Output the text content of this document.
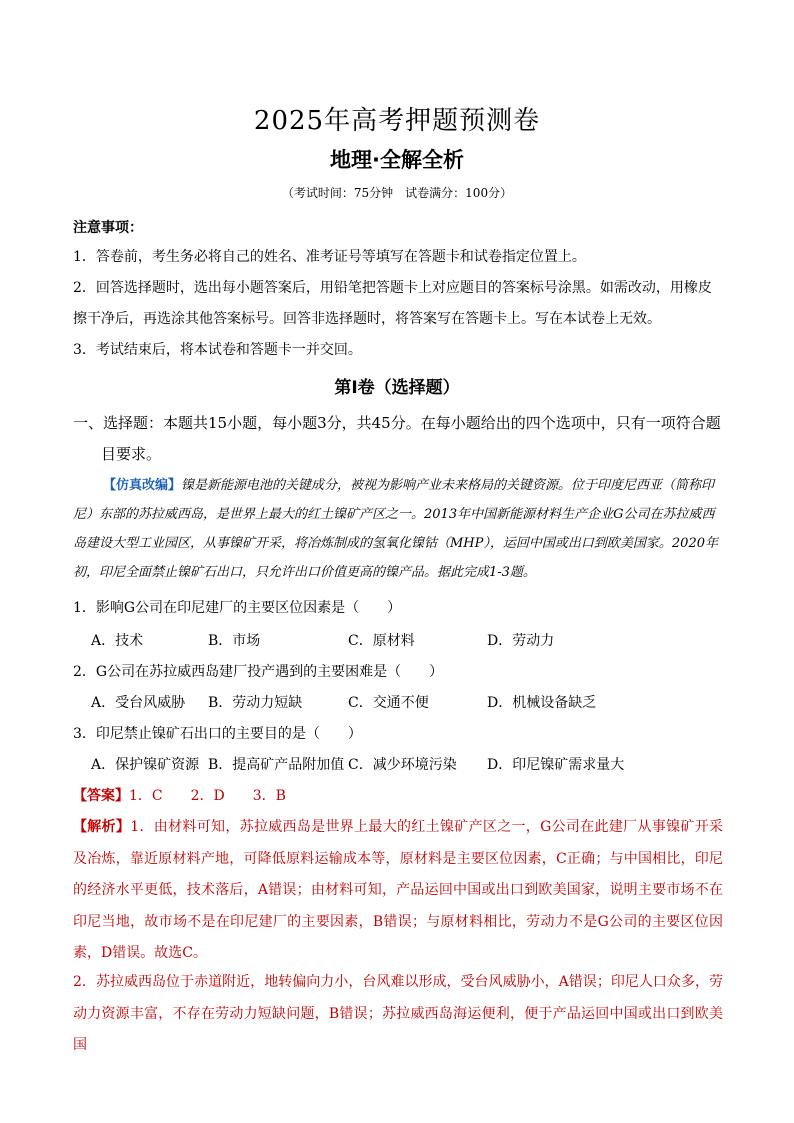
2025年高考押题预测卷
地理·全解全析
（考试时间：75分钟　试卷满分：100分）
注意事项：
1．答卷前，考生务必将自己的姓名、准考证号等填写在答题卡和试卷指定位置上。
2．回答选择题时，选出每小题答案后，用铅笔把答题卡上对应题目的答案标号涂黑。如需改动，用橡皮
擦干净后，再选涂其他答案标号。回答非选择题时，将答案写在答题卡上。写在本试卷上无效。
3．考试结束后，将本试卷和答题卡一并交回。
第Ⅰ卷（选择题）
一、选择题：本题共15小题，每小题3分，共45分。在每小题给出的四个选项中，只有一项符合题
目要求。
【仿真改编】镍是新能源电池的关键成分，被视为影响产业未来格局的关键资源。位于印度尼西亚（简称印尼）东部的苏拉威西岛，是世界上最大的红土镍矿产区之一。2013年中国新能源材料生产企业G公司在苏拉威西岛建设大型工业园区，从事镍矿开采，将冶炼制成的氢氧化镍钴（MHP），运回中国或出口到欧美国家。2020年初，印尼全面禁止镍矿石出口，只允许出口价值更高的镍产品。据此完成1-3题。
1．影响G公司在印尼建厂的主要区位因素是（　　）
A．技术	B．市场	C．原材料	D．劳动力
2．G公司在苏拉威西岛建厂投产遇到的主要困难是（　　）
A．受台风威胁 B．劳动力短缺	C．交通不便	D．机械设备缺乏
3．印尼禁止镍矿石出口的主要目的是（　　）
A．保护镍矿资源 B．提高矿产品附加值 C．减少环境污染 D．印尼镍矿需求量大
【答案】1．C　　2．D　　3．B
【解析】1．由材料可知，苏拉威西岛是世界上最大的红土镍矿产区之一，G公司在此建厂从事镍矿开采及冶炼，靠近原材料产地，可降低原料运输成本等，原材料是主要区位因素，C正确；与中国相比，印尼的经济水平更低，技术落后，A错误；由材料可知，产品运回中国或出口到欧美国家，说明主要市场不在印尼当地，故市场不是在印尼建厂的主要因素，B错误；与原材料相比，劳动力不是G公司的主要区位因素，D错误。故选C。
2．苏拉威西岛位于赤道附近，地转偏向力小，台风难以形成，受台风威胁小，A错误；印尼人口众多，劳动力资源丰富，不存在劳动力短缺问题，B错误；苏拉威西岛海运便利，便于产品运回中国或出口到欧美国
